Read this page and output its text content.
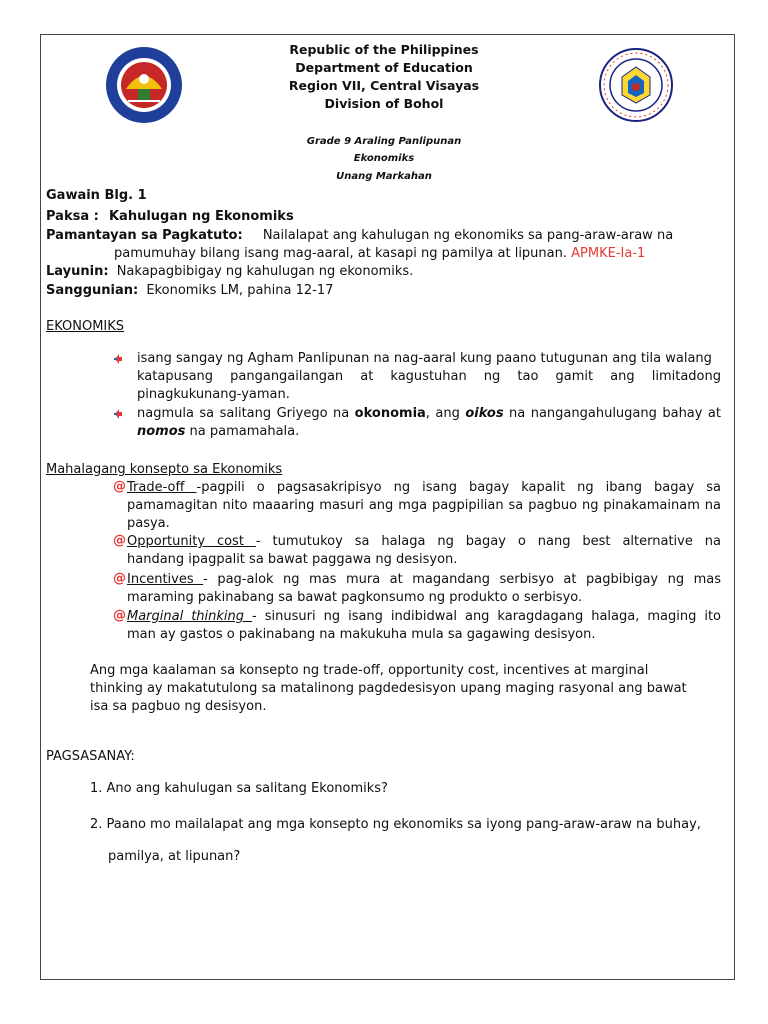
Republic of the Philippines
Department of Education
Region VII, Central Visayas
Division of Bohol
Grade 9 Araling Panlipunan
Ekonomiks
Unang Markahan
Gawain Blg. 1
Paksa : Kahulugan ng Ekonomiks
Pamantayan sa Pagkatuto: Nailalapat ang kahulugan ng ekonomiks sa pang-araw-araw na
pamumuhay bilang isang mag-aaral, at kasapi ng pamilya at lipunan. APMKE-Ia-1
Layunin: Nakapagbibigay ng kahulugan ng ekonomiks.
Sanggunian: Ekonomiks LM, pahina 12-17
EKONOMIKS
isang sangay ng Agham Panlipunan na nag-aaral kung paano tutugunan ang tila walang
katapusang pangangailangan at kagustuhan ng tao gamit ang limitadong
pinagkukunang-yaman.
nagmula sa salitang Griyego na okonomia, ang oikos na nangangahulugang bahay at
nomos na pamamahala.
Mahalagang konsepto sa Ekonomiks
@ Trade-off -pagpili o pagsasakripisyo ng isang bagay kapalit ng ibang bagay sa
pamamagitan nito maaaring masuri ang mga pagpipilian sa pagbuo ng pinakamainam na
pasya.
@ Opportunity cost - tumutukoy sa halaga ng bagay o nang best alternative na
handang ipagpalit sa bawat paggawa ng desisyon.
@ Incentives - pag-alok ng mas mura at magandang serbisyo at pagbibigay ng mas
maraming pakinabang sa bawat pagkonsumo ng produkto o serbisyo.
@ Marginal thinking - sinusuri ng isang indibidwal ang karagdagang halaga, maging ito
man ay gastos o pakinabang na makukuha mula sa gagawing desisyon.
Ang mga kaalaman sa konsepto ng trade-off, opportunity cost, incentives at marginal
thinking ay makatutulong sa matalinong pagdedesisyon upang maging rasyonal ang bawat
isa sa pagbuo ng desisyon.
PAGSASANAY:
1. Ano ang kahulugan sa salitang Ekonomiks?
2. Paano mo mailalapat ang mga konsepto ng ekonomiks sa iyong pang-araw-araw na buhay,
pamilya, at lipunan?
